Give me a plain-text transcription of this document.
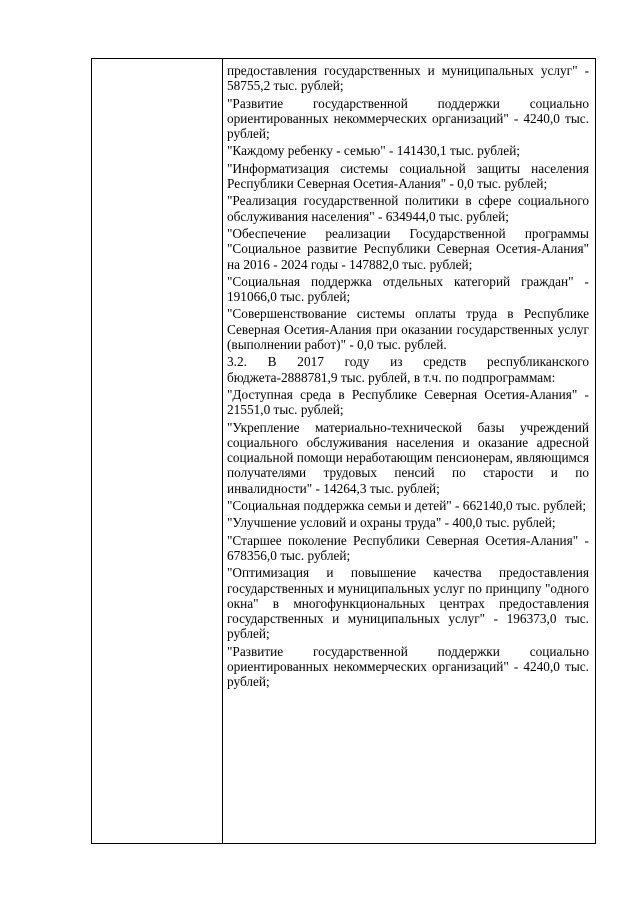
предоставления государственных и муниципальных услуг" - 58755,2 тыс. рублей;

"Развитие государственной поддержки социально ориентированных некоммерческих организаций" - 4240,0 тыс. рублей;

"Каждому ребенку - семью" - 141430,1 тыс. рублей;

"Информатизация системы социальной защиты населения Республики Северная Осетия-Алания" - 0,0 тыс. рублей;

"Реализация государственной политики в сфере социального обслуживания населения" - 634944,0 тыс. рублей;

"Обеспечение реализации Государственной программы "Социальное развитие Республики Северная Осетия-Алания" на 2016 - 2024 годы - 147882,0 тыс. рублей;

"Социальная поддержка отдельных категорий граждан" - 191066,0 тыс. рублей;

"Совершенствование системы оплаты труда в Республике Северная Осетия-Алания при оказании государственных услуг (выполнении работ)" - 0,0 тыс. рублей.

3.2. В 2017 году из средств республиканского бюджета-2888781,9 тыс. рублей, в т.ч. по подпрограммам:

"Доступная среда в Республике Северная Осетия-Алания" - 21551,0 тыс. рублей;

"Укрепление материально-технической базы учреждений социального обслуживания населения и оказание адресной социальной помощи неработающим пенсионерам, являющимся получателями трудовых пенсий по старости и по инвалидности" - 14264,3 тыс. рублей;

"Социальная поддержка семьи и детей" - 662140,0 тыс. рублей;

"Улучшение условий и охраны труда" - 400,0 тыс. рублей;

"Старшее поколение Республики Северная Осетия-Алания" - 678356,0 тыс. рублей;

"Оптимизация и повышение качества предоставления государственных и муниципальных услуг по принципу "одного окна" в многофункциональных центрах предоставления государственных и муниципальных услуг" - 196373,0 тыс. рублей;

"Развитие государственной поддержки социально ориентированных некоммерческих организаций" - 4240,0 тыс. рублей;
